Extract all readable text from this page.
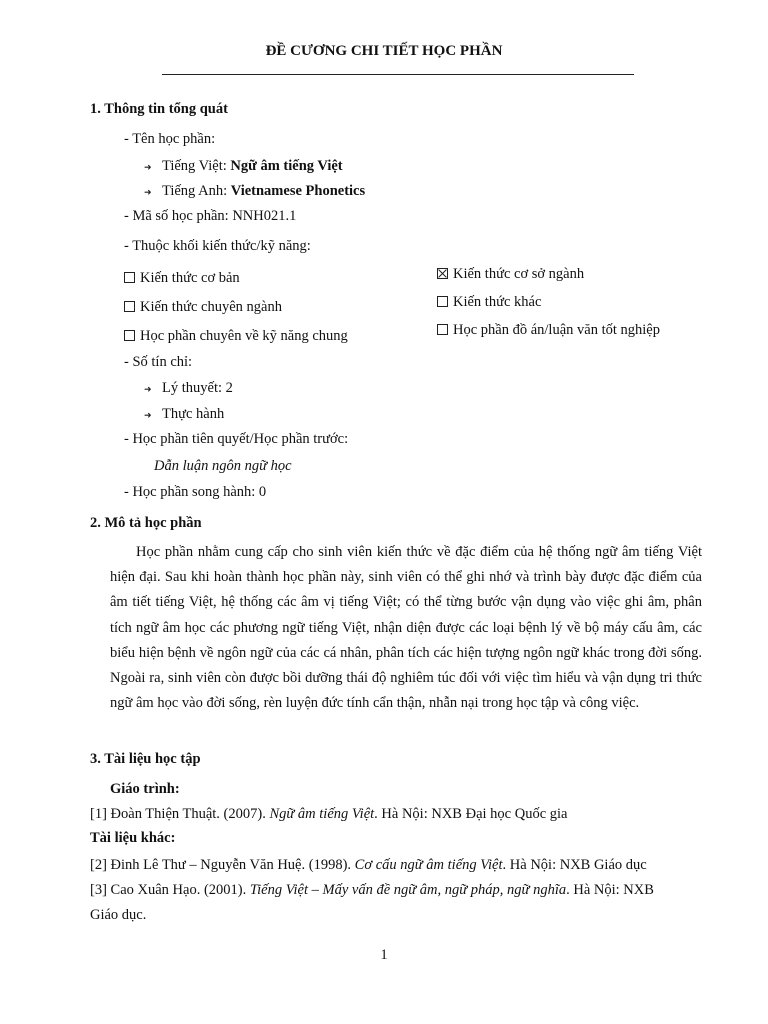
ĐỀ CƯƠNG CHI TIẾT HỌC PHẦN
1. Thông tin tổng quát
- Tên học phần:
➜ Tiếng Việt: Ngữ âm tiếng Việt
➜ Tiếng Anh: Vietnamese Phonetics
- Mã số học phần: NNH021.1
- Thuộc khối kiến thức/kỹ năng:
Kiến thức cơ bản
Kiến thức chuyên ngành
Học phần chuyên về kỹ năng chung
Kiến thức cơ sở ngành
Kiến thức khác
Học phần đồ án/luận văn tốt nghiệp
- Số tín chỉ:
➜ Lý thuyết: 2
➜ Thực hành
- Học phần tiên quyết/Học phần trước:
Dẫn luận ngôn ngữ học
- Học phần song hành: 0
2. Mô tả học phần
Học phần nhằm cung cấp cho sinh viên kiến thức về đặc điểm của hệ thống ngữ âm tiếng Việt hiện đại. Sau khi hoàn thành học phần này, sinh viên có thể ghi nhớ và trình bày được đặc điểm của âm tiết tiếng Việt, hệ thống các âm vị tiếng Việt; có thể từng bước vận dụng vào việc ghi âm, phân tích ngữ âm học các phương ngữ tiếng Việt, nhận diện được các loại bệnh lý về bộ máy cấu âm, các biểu hiện bệnh về ngôn ngữ của các cá nhân, phân tích các hiện tượng ngôn ngữ khác trong đời sống. Ngoài ra, sinh viên còn được bồi dưỡng thái độ nghiêm túc đối với việc tìm hiểu và vận dụng tri thức ngữ âm học vào đời sống, rèn luyện đức tính cẩn thận, nhẫn nại trong học tập và công việc.
3. Tài liệu học tập
Giáo trình:
[1] Đoàn Thiện Thuật. (2007). Ngữ âm tiếng Việt. Hà Nội: NXB Đại học Quốc gia
Tài liệu khác:
[2] Đinh Lê Thư – Nguyễn Văn Huệ. (1998). Cơ cấu ngữ âm tiếng Việt. Hà Nội: NXB Giáo dục
[3] Cao Xuân Hạo. (2001). Tiếng Việt – Mấy vấn đề ngữ âm, ngữ pháp, ngữ nghĩa. Hà Nội: NXB
Giáo dục.
1
